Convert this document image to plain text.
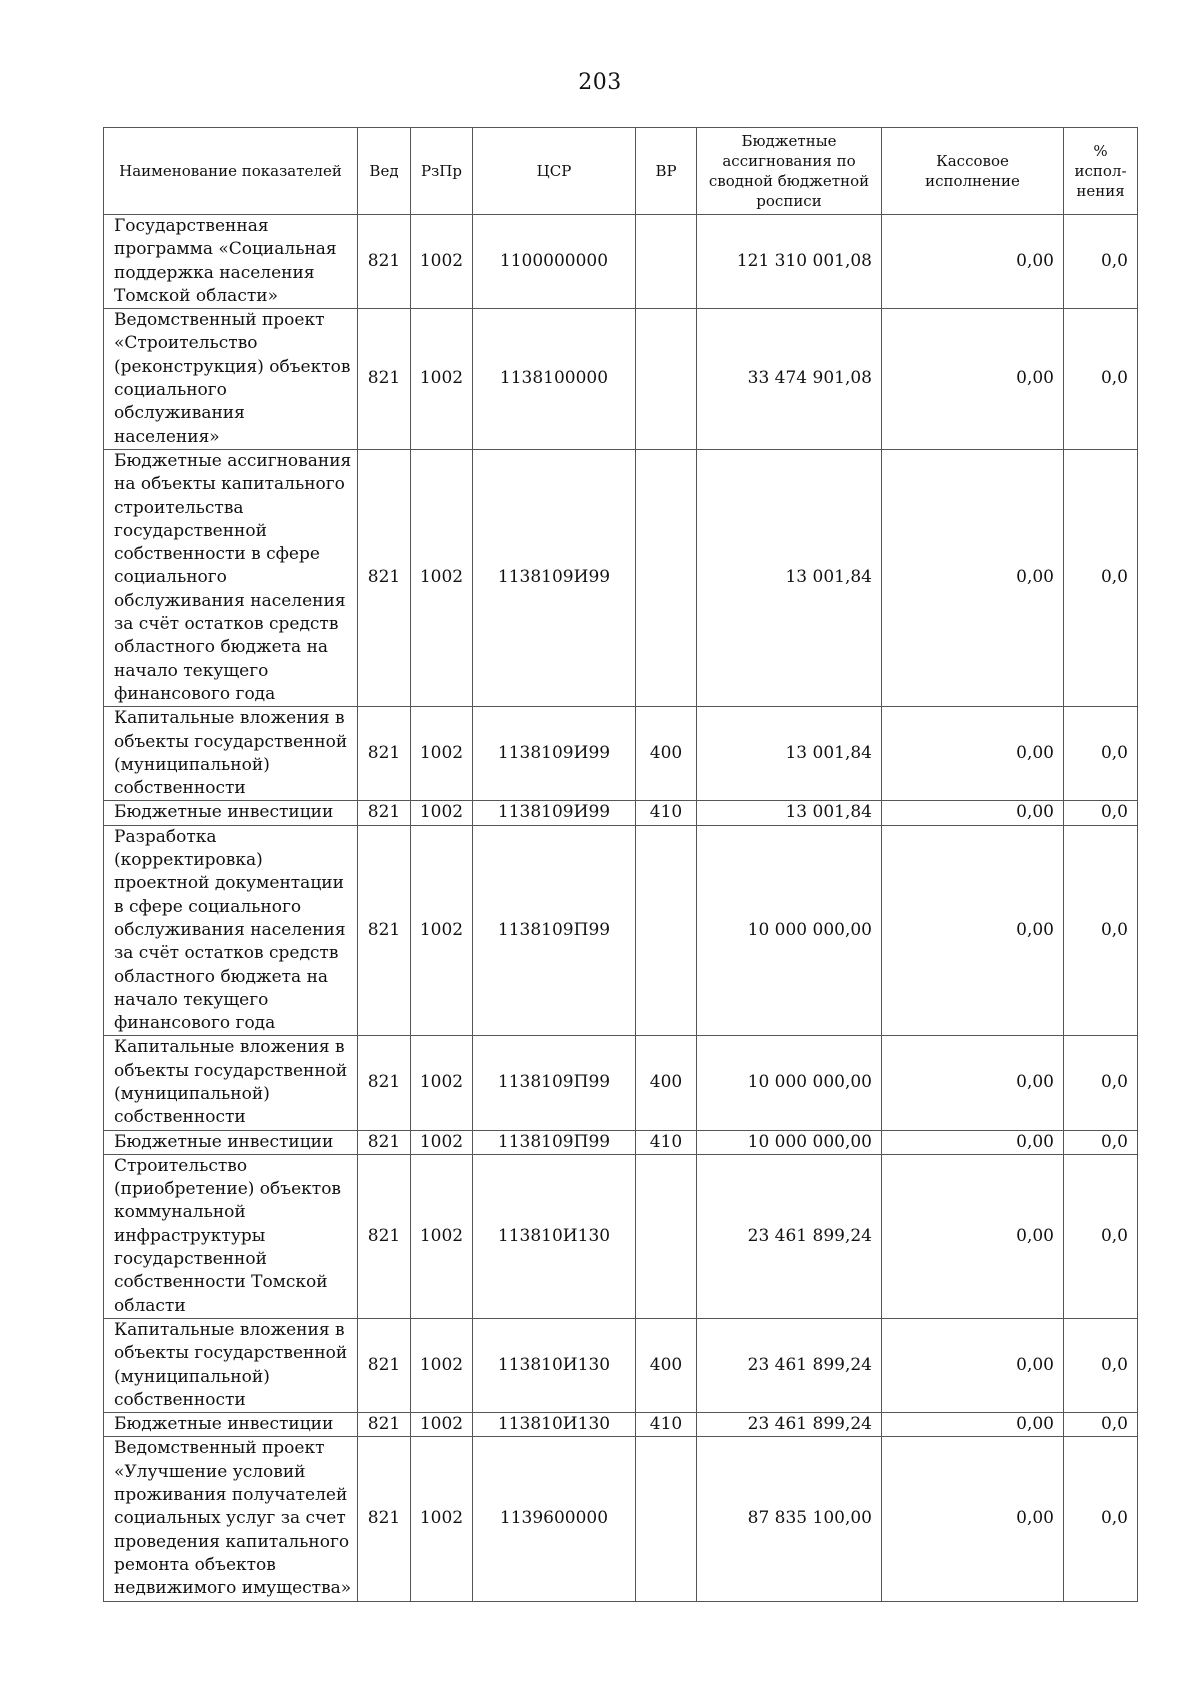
203
Наименование показателей	Вед	РзПр	ЦСР	ВР	Бюджетные ассигнования по сводной бюджетной росписи	Кассовое исполнение	% испол-нения
Государственная программа «Социальная поддержка населения Томской области»	821	1002	1100000000		121 310 001,08	0,00	0,0
Ведомственный проект «Строительство (реконструкция) объектов социального обслуживания населения»	821	1002	1138100000		33 474 901,08	0,00	0,0
Бюджетные ассигнования на объекты капитального строительства государственной собственности в сфере социального обслуживания населения за счёт остатков средств областного бюджета на начало текущего финансового года	821	1002	1138109И99		13 001,84	0,00	0,0
Капитальные вложения в объекты государственной (муниципальной) собственности	821	1002	1138109И99	400	13 001,84	0,00	0,0
Бюджетные инвестиции	821	1002	1138109И99	410	13 001,84	0,00	0,0
Разработка (корректировка) проектной документации в сфере социального обслуживания населения за счёт остатков средств областного бюджета на начало текущего финансового года	821	1002	1138109П99		10 000 000,00	0,00	0,0
Капитальные вложения в объекты государственной (муниципальной) собственности	821	1002	1138109П99	400	10 000 000,00	0,00	0,0
Бюджетные инвестиции	821	1002	1138109П99	410	10 000 000,00	0,00	0,0
Строительство (приобретение) объектов коммунальной инфраструктуры государственной собственности Томской области	821	1002	113810И130		23 461 899,24	0,00	0,0
Капитальные вложения в объекты государственной (муниципальной) собственности	821	1002	113810И130	400	23 461 899,24	0,00	0,0
Бюджетные инвестиции	821	1002	113810И130	410	23 461 899,24	0,00	0,0
Ведомственный проект «Улучшение условий проживания получателей социальных услуг за счет проведения капитального ремонта объектов недвижимого имущества»	821	1002	1139600000		87 835 100,00	0,00	0,0
